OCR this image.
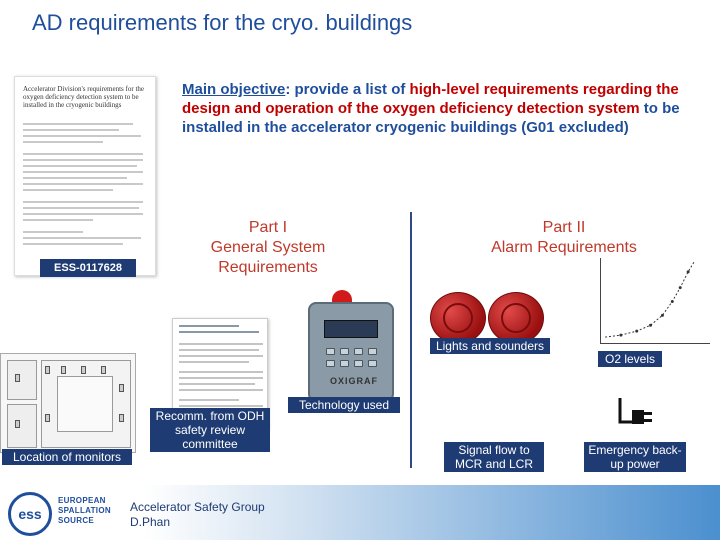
AD requirements for the cryo. buildings
Accelerator Division's requirements for the
oxygen deficiency detection system to be
installed in the cryogenic buildings
ESS-0117628
Main objective: provide a list of high-level requirements regarding the design and operation of the oxygen deficiency detection system to be installed in the accelerator cryogenic buildings (G01 excluded)
Part I
General System
Requirements
Part II
Alarm Requirements
Location of monitors
Recomm. from ODH safety review committee
OXIGRAF
Technology used
Lights and sounders
O2 levels
Signal flow to MCR and LCR
Emergency back-up power
ess
EUROPEAN
SPALLATION
SOURCE
Accelerator Safety Group
D.Phan
